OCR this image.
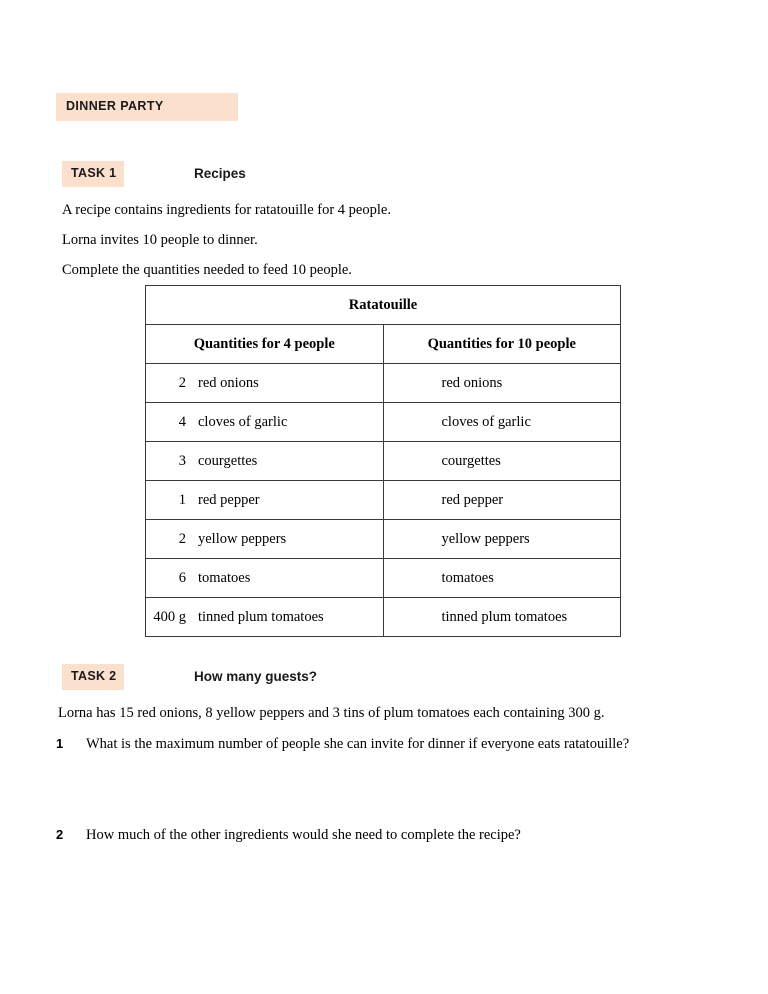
DINNER PARTY
TASK 1	Recipes
A recipe contains ingredients for ratatouille for 4 people.
Lorna invites 10 people to dinner.
Complete the quantities needed to feed 10 people.
Ratatouille	
Quantities for 4 people	Quantities for 10 people

2 red onions	red onions

4 cloves of garlic	cloves of garlic

3 courgettes	courgettes

1 red pepper	red pepper

2 yellow peppers	yellow peppers

6 tomatoes	tomatoes

400 g tinned plum tomatoes	tinned plum tomatoes
TASK 2	How many guests?
Lorna has 15 red onions, 8 yellow peppers and 3 tins of plum tomatoes each containing 300 g.
1	What is the maximum number of people she can invite for dinner if everyone eats ratatouille?
2	How much of the other ingredients would she need to complete the recipe?
